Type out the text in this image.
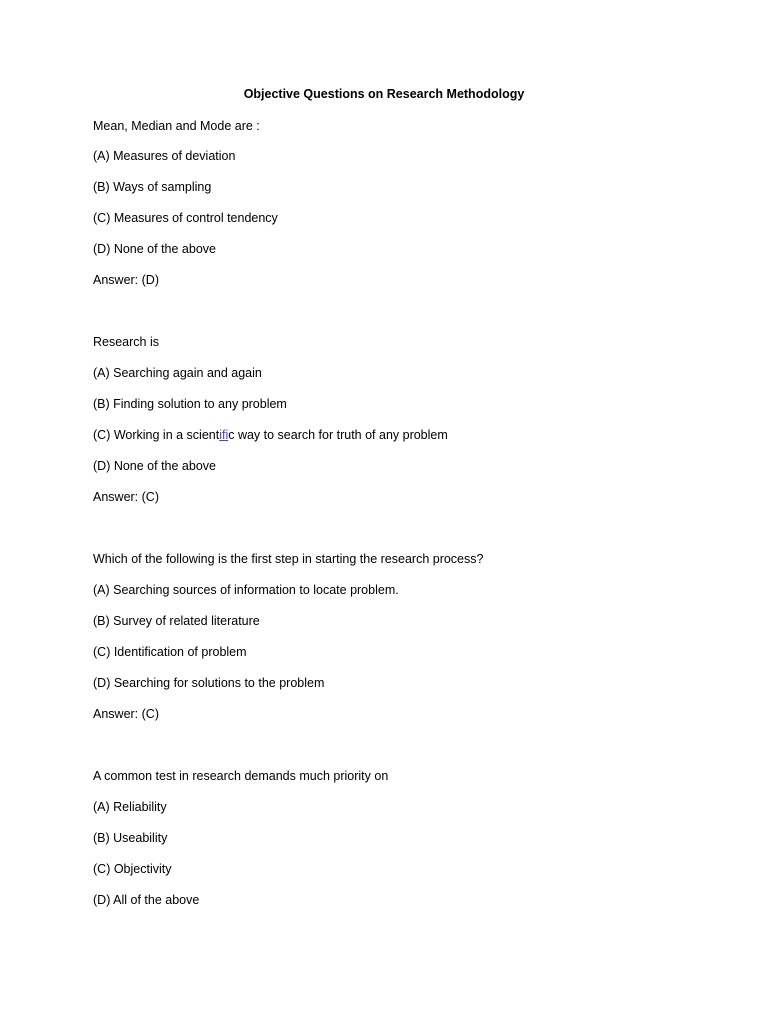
Objective Questions on Research Methodology
Mean, Median and Mode are :
(A) Measures of deviation
(B) Ways of sampling
(C) Measures of control tendency
(D) None of the above
Answer: (D)
Research is
(A) Searching again and again
(B) Finding solution to any problem
(C) Working in a scientific way to search for truth of any problem
(D) None of the above
Answer: (C)
Which of the following is the first step in starting the research process?
(A) Searching sources of information to locate problem.
(B) Survey of related literature
(C) Identification of problem
(D) Searching for solutions to the problem
Answer: (C)
A common test in research demands much priority on
(A) Reliability
(B) Useability
(C) Objectivity
(D) All of the above
